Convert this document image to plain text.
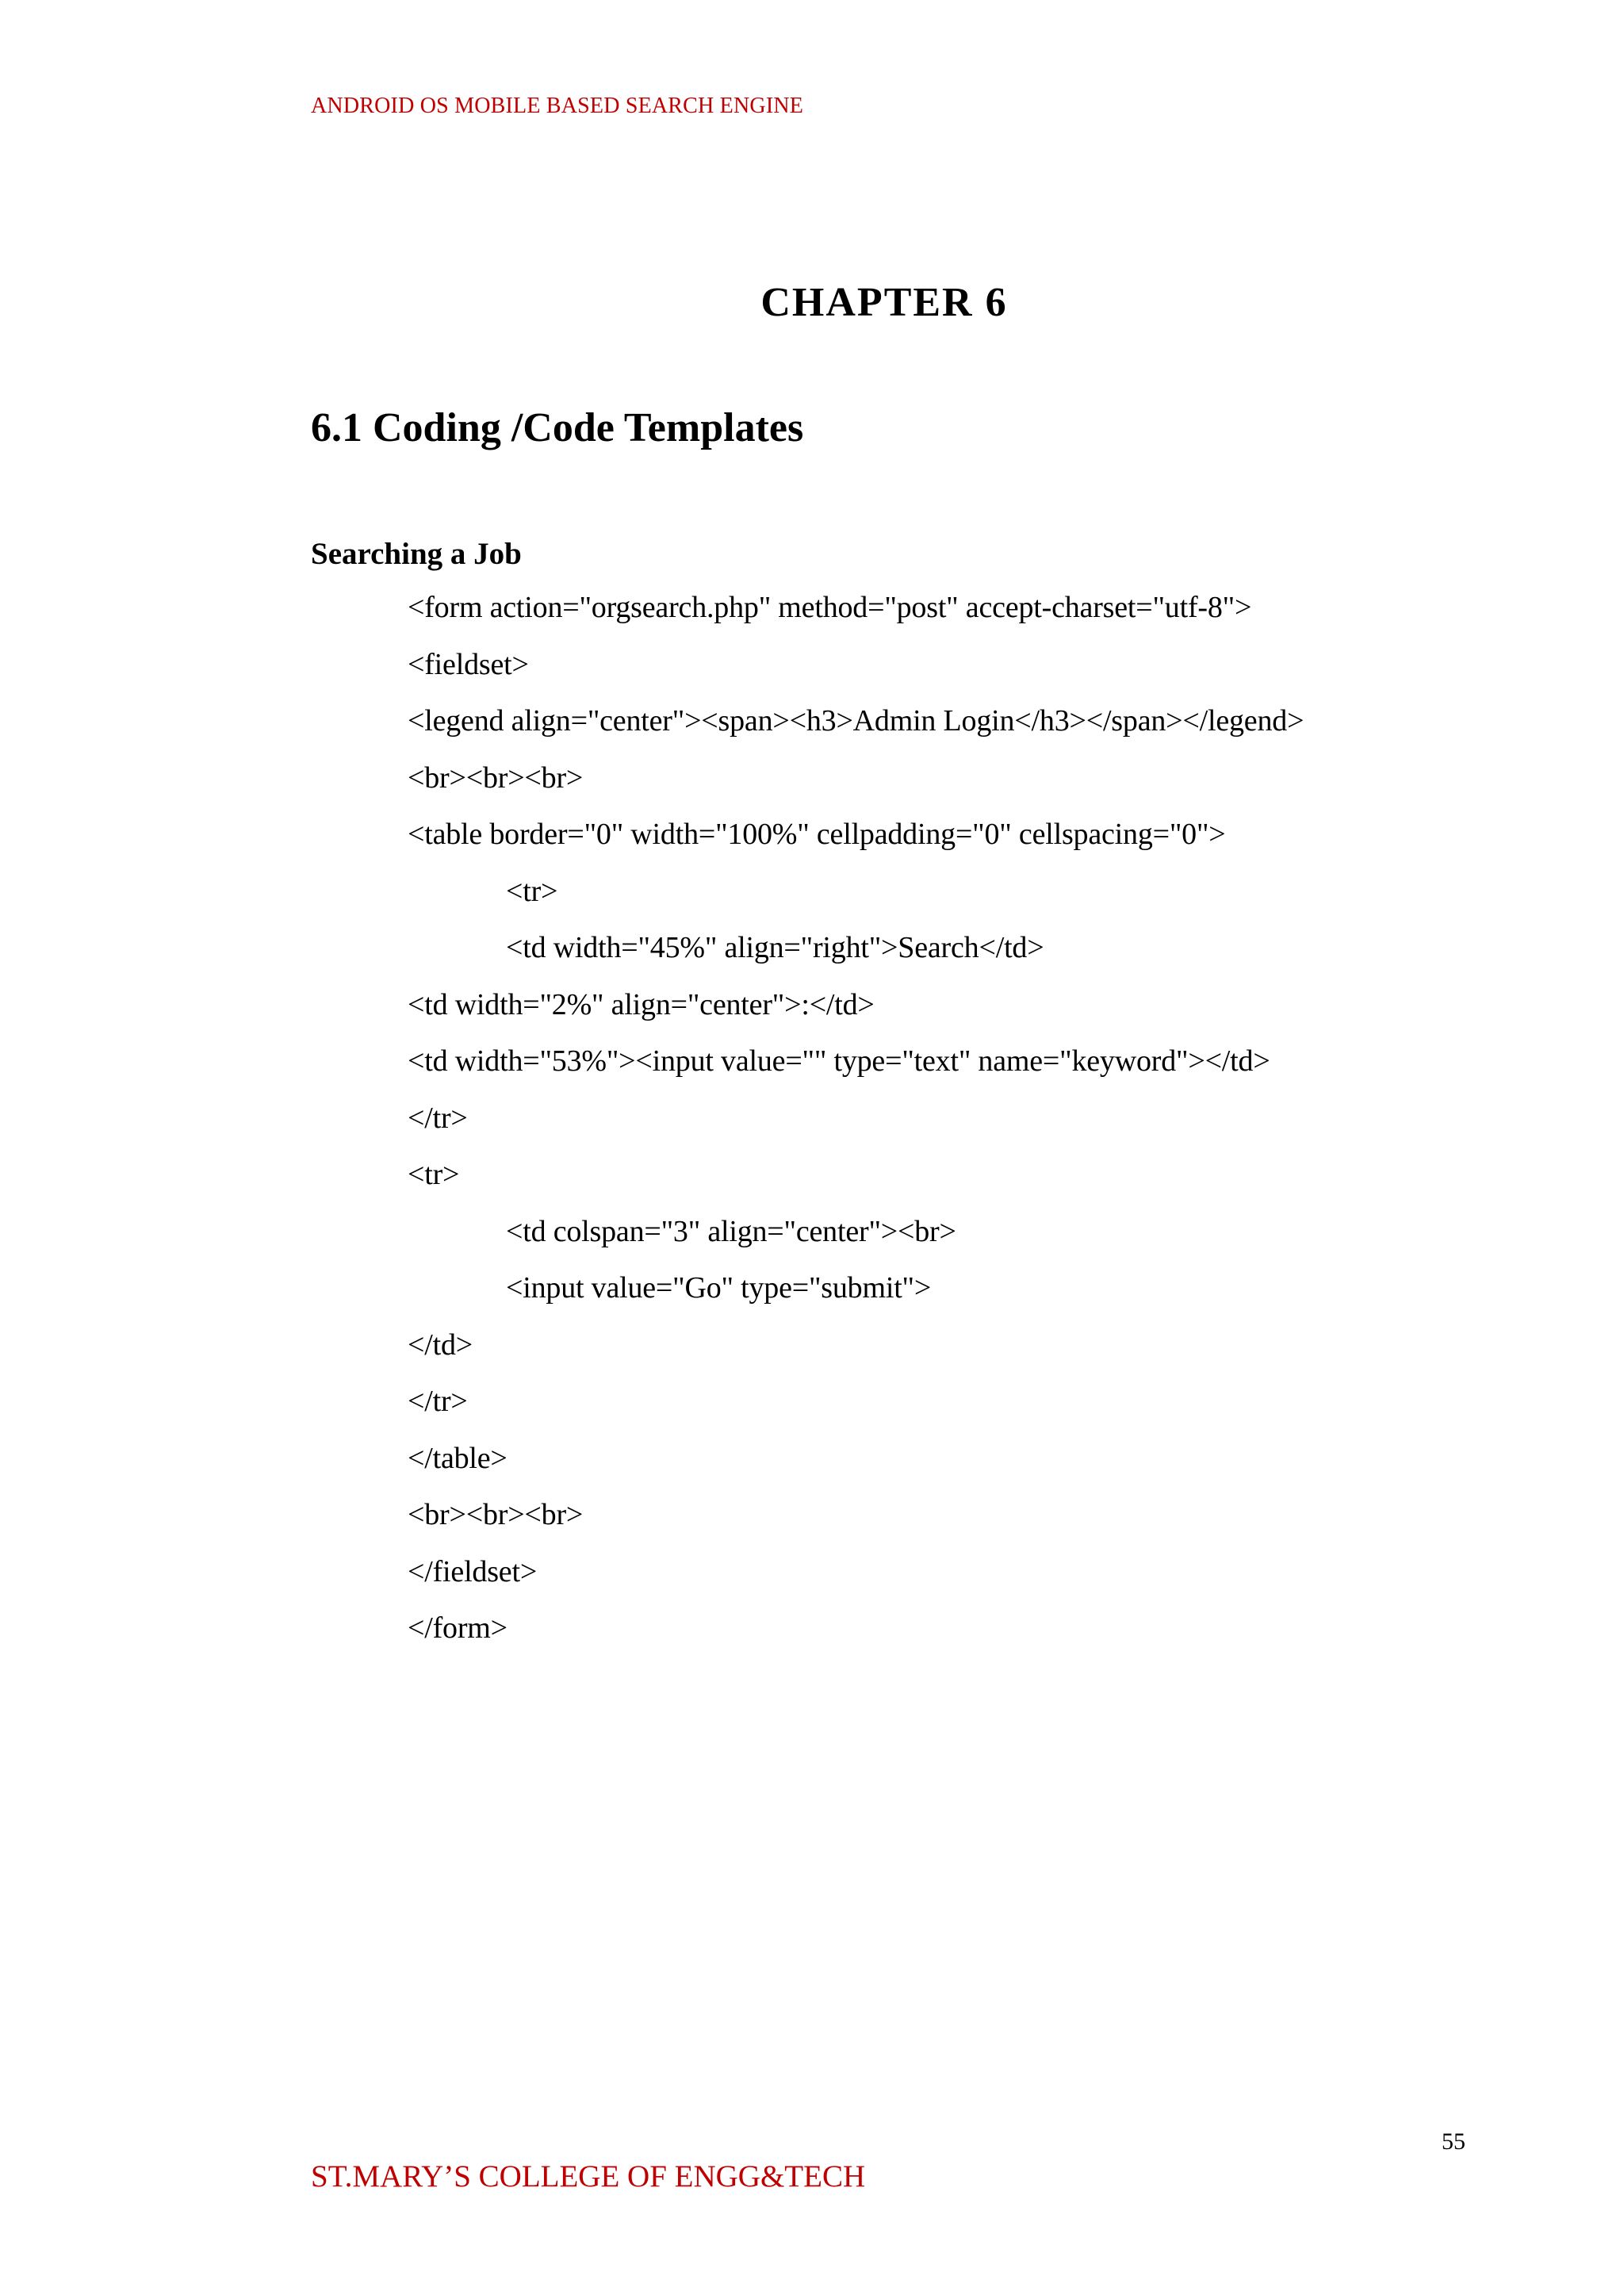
ANDROID OS MOBILE BASED SEARCH ENGINE
CHAPTER 6
6.1 Coding /Code Templates
Searching a Job
<form action="orgsearch.php" method="post" accept-charset="utf-8">
<fieldset>
<legend align="center"><span><h3>Admin Login</h3></span></legend>
<br><br><br>
<table border="0" width="100%" cellpadding="0" cellspacing="0">
<tr>
<td width="45%" align="right">Search</td>
<td width="2%" align="center">:</td>
<td width="53%"><input value="" type="text" name="keyword"></td>
</tr>
<tr>
<td colspan="3" align="center"><br>
<input value="Go" type="submit">
</td>
</tr>
</table>
<br><br><br>
</fieldset>
</form>
55
ST.MARY’S COLLEGE OF ENGG&TECH
